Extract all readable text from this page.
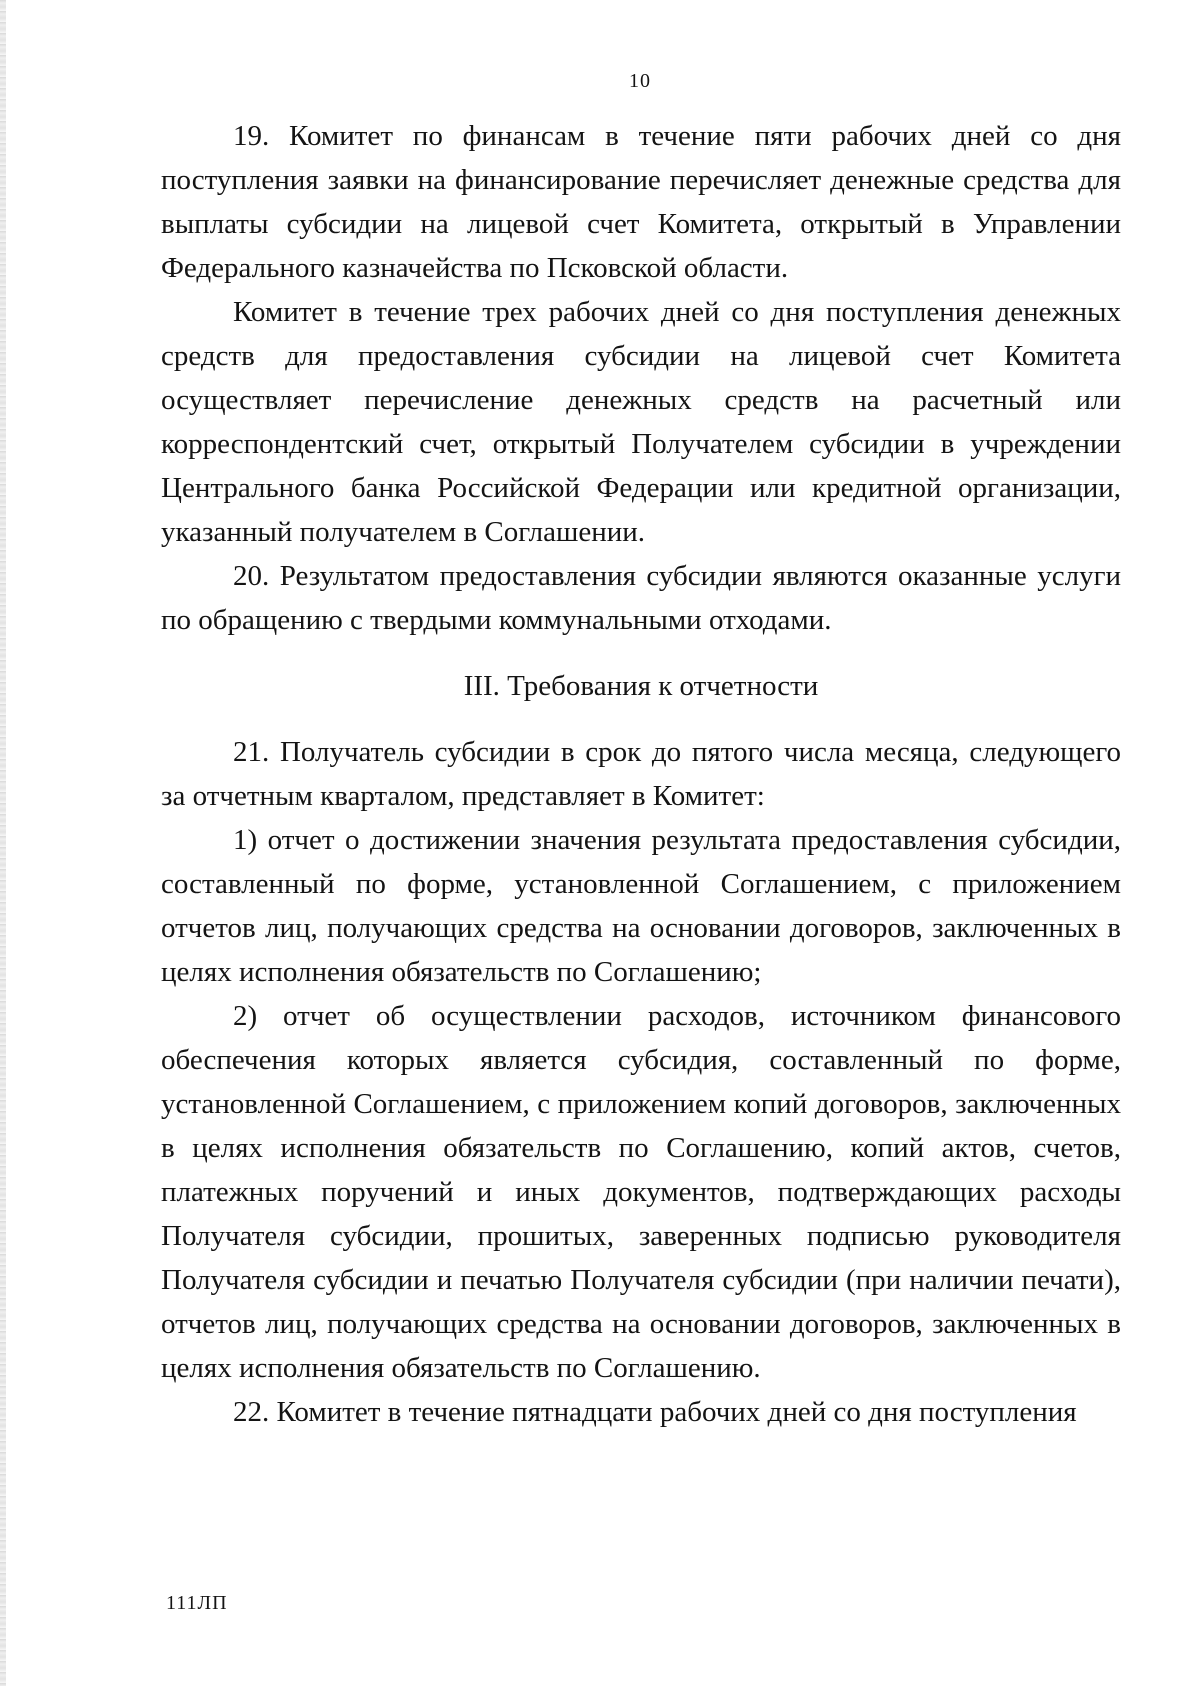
10

19. Комитет по финансам в течение пяти рабочих дней со дня поступления заявки на финансирование перечисляет денежные средства для выплаты субсидии на лицевой счет Комитета, открытый в Управлении Федерального казначейства по Псковской области.

Комитет в течение трех рабочих дней со дня поступления денежных средств для предоставления субсидии на лицевой счет Комитета осуществляет перечисление денежных средств на расчетный или корреспондентский счет, открытый Получателем субсидии в учреждении Центрального банка Российской Федерации или кредитной организации, указанный получателем в Соглашении.

20. Результатом предоставления субсидии являются оказанные услуги по обращению с твердыми коммунальными отходами.

III. Требования к отчетности

21. Получатель субсидии в срок до пятого числа месяца, следующего за отчетным кварталом, представляет в Комитет:

1) отчет о достижении значения результата предоставления субсидии, составленный по форме, установленной Соглашением, с приложением отчетов лиц, получающих средства на основании договоров, заключенных в целях исполнения обязательств по Соглашению;

2) отчет об осуществлении расходов, источником финансового обеспечения которых является субсидия, составленный по форме, установленной Соглашением, с приложением копий договоров, заключенных в целях исполнения обязательств по Соглашению, копий актов, счетов, платежных поручений и иных документов, подтверждающих расходы Получателя субсидии, прошитых, заверенных подписью руководителя Получателя субсидии и печатью Получателя субсидии (при наличии печати), отчетов лиц, получающих средства на основании договоров, заключенных в целях исполнения обязательств по Соглашению.

22. Комитет в течение пятнадцати рабочих дней со дня поступления

111ЛП
